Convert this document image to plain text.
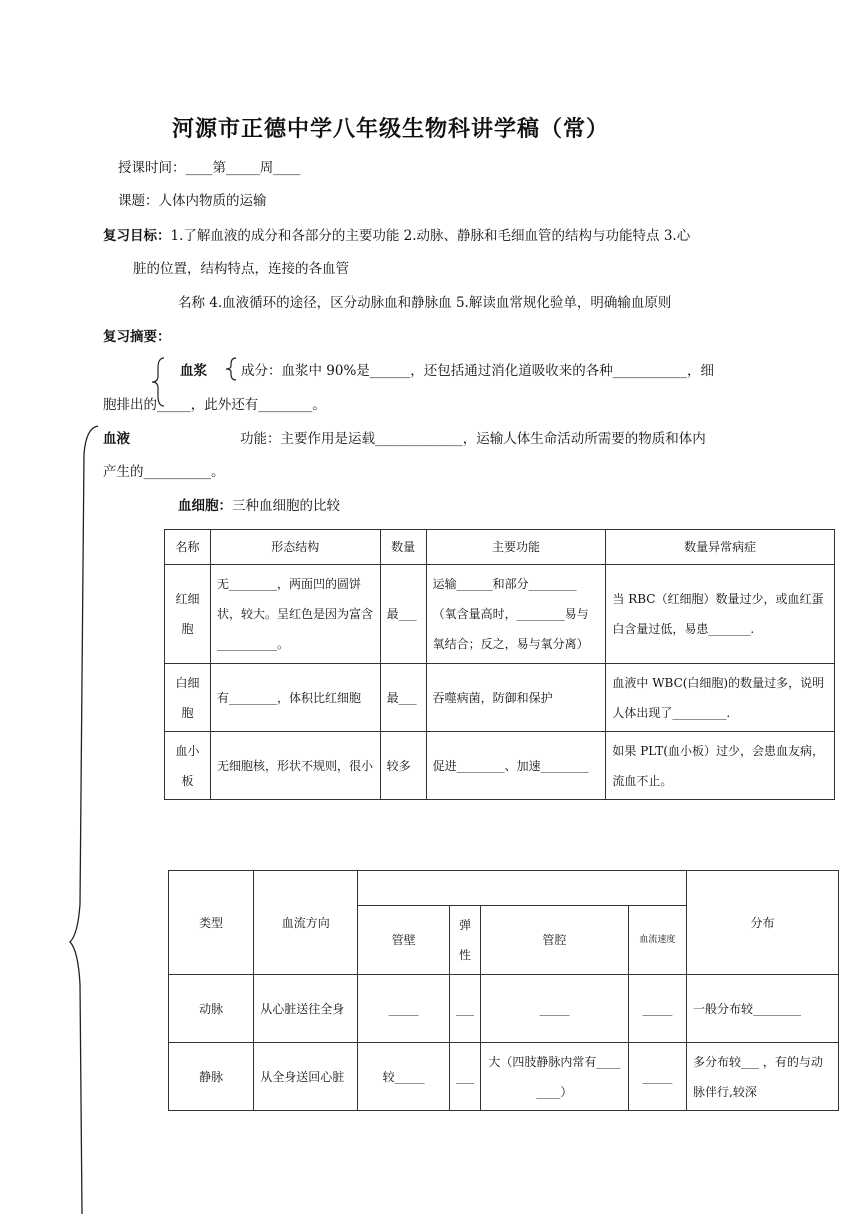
河源市正德中学八年级生物科讲学稿（常）
授课时间：____第_____周____
课题：人体内物质的运输
复习目标：1.了解血液的成分和各部分的主要功能 2.动脉、静脉和毛细血管的结构与功能特点 3.心
脏的位置，结构特点，连接的各血管
名称 4.血液循环的途径，区分动脉血和静脉血 5.解读血常规化验单，明确输血原则
复习摘要：
血浆	成分：血浆中 90%是______，还包括通过消化道吸收来的各种___________，细
胞排出的_____，此外还有________。
血液	功能：主要作用是运载_____________，运输人体生命活动所需要的物质和体内
产生的__________。
血细胞：三种血细胞的比较
名称	形态结构	数量	主要功能	数量异常病症
红细胞	无________，两面凹的圆饼状，较大。呈红色是因为富含__________。	最___	运输______和部分________（氧含量高时，________易与氧结合；反之，易与氧分离）	当 RBC（红细胞）数量过少，或血红蛋白含量过低，易患_______.
白细胞	有________，体积比红细胞	最___	吞噬病菌，防御和保护	血液中 WBC(白细胞)的数量过多，说明人体出现了_________.
血小板	无细胞核，形状不规则，很小	较多	促进________、加速________	如果 PLT(血小板）过少，会患血友病，流血不止。
类型	血流方向					分布
		管壁	弹性	管腔	血流速度	
动脉	从心脏送往全身	_____	___	_____	_____	一般分布较________
静脉	从全身送回心脏	较_____	___	大（四肢静脉内常有________）	_____	多分布较___ ，有的与动脉伴行,较深
